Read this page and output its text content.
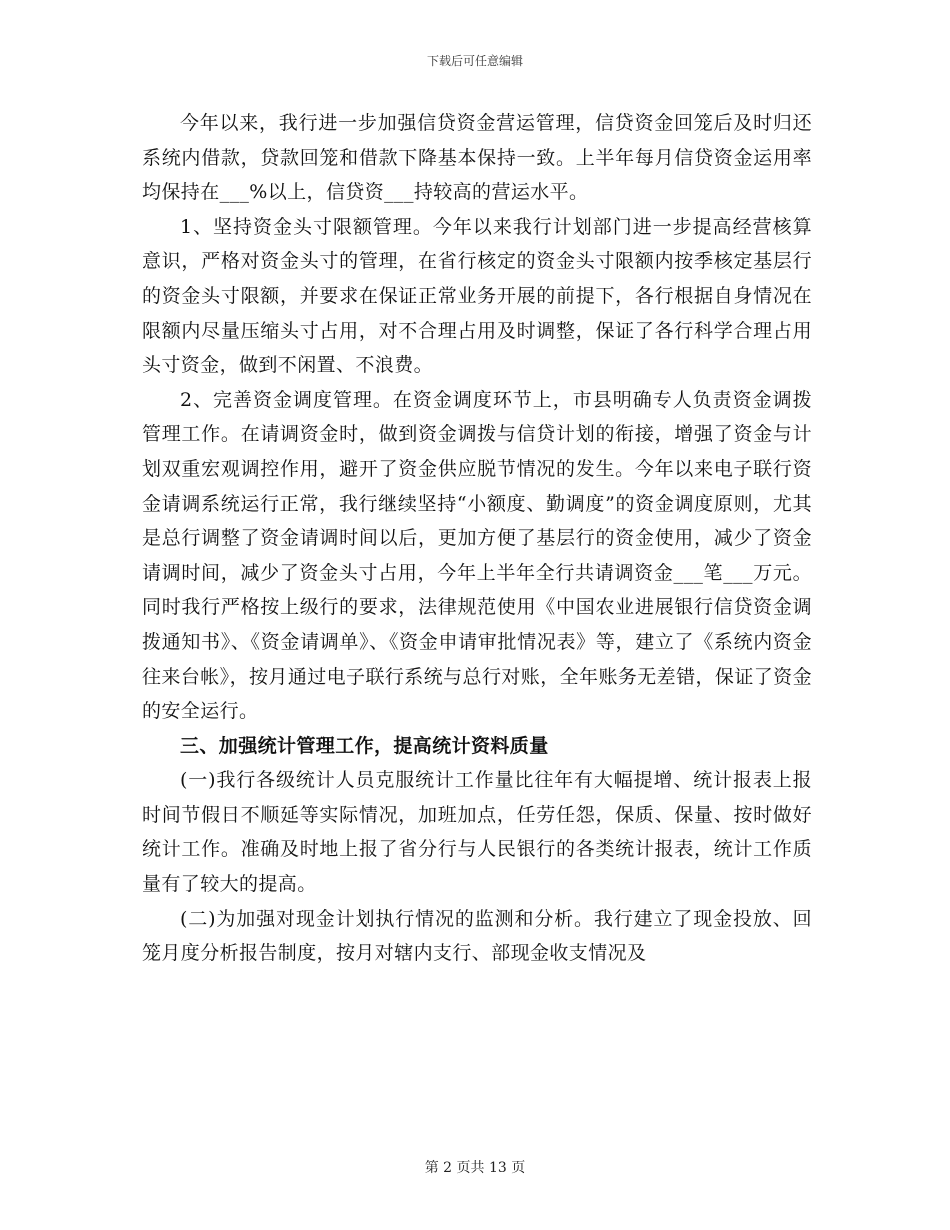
下载后可任意编辑

今年以来，我行进一步加强信贷资金营运管理，信贷资金回笼后及时归还系统内借款，贷款回笼和借款下降基本保持一致。上半年每月信贷资金运用率均保持在___%以上，信贷资___持较高的营运水平。

1、坚持资金头寸限额管理。今年以来我行计划部门进一步提高经营核算意识，严格对资金头寸的管理，在省行核定的资金头寸限额内按季核定基层行的资金头寸限额，并要求在保证正常业务开展的前提下，各行根据自身情况在限额内尽量压缩头寸占用，对不合理占用及时调整，保证了各行科学合理占用头寸资金，做到不闲置、不浪费。

2、完善资金调度管理。在资金调度环节上，市县明确专人负责资金调拨管理工作。在请调资金时，做到资金调拨与信贷计划的衔接，增强了资金与计划双重宏观调控作用，避开了资金供应脱节情况的发生。今年以来电子联行资金请调系统运行正常，我行继续坚持“小额度、勤调度”的资金调度原则，尤其是总行调整了资金请调时间以后，更加方便了基层行的资金使用，减少了资金请调时间，减少了资金头寸占用，今年上半年全行共请调资金___笔___万元。同时我行严格按上级行的要求，法律规范使用《中国农业进展银行信贷资金调拨通知书》、《资金请调单》、《资金申请审批情况表》等，建立了《系统内资金往来台帐》，按月通过电子联行系统与总行对账，全年账务无差错，保证了资金的安全运行。

三、加强统计管理工作，提高统计资料质量

(一)我行各级统计人员克服统计工作量比往年有大幅提增、统计报表上报时间节假日不顺延等实际情况，加班加点，任劳任怨，保质、保量、按时做好统计工作。准确及时地上报了省分行与人民银行的各类统计报表，统计工作质量有了较大的提高。

(二)为加强对现金计划执行情况的监测和分析。我行建立了现金投放、回笼月度分析报告制度，按月对辖内支行、部现金收支情况及

第 2 页共 13 页
